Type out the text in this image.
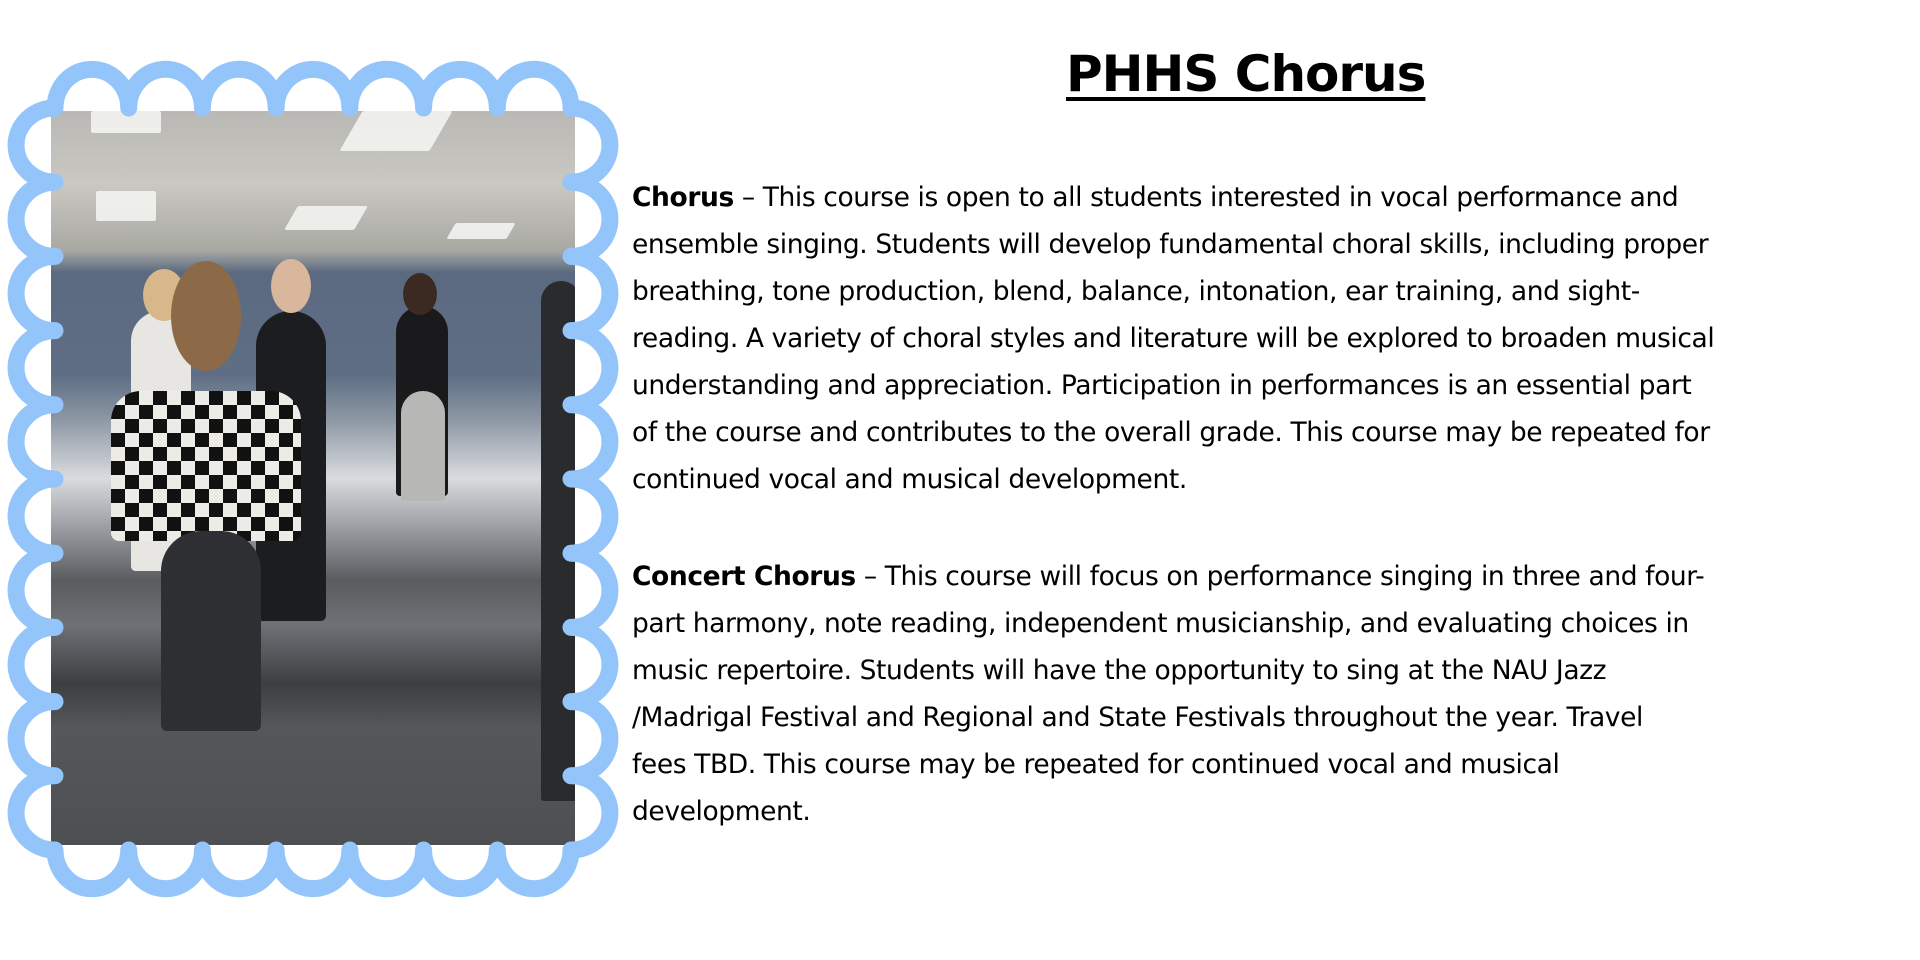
PHHS Chorus

Chorus – This course is open to all students interested in vocal performance and
ensemble singing. Students will develop fundamental choral skills, including proper
breathing, tone production, blend, balance, intonation, ear training, and sight-
reading. A variety of choral styles and literature will be explored to broaden musical
understanding and appreciation. Participation in performances is an essential part
of the course and contributes to the overall grade. This course may be repeated for
continued vocal and musical development.

Concert Chorus – This course will focus on performance singing in three and four-
part harmony, note reading, independent musicianship, and evaluating choices in
music repertoire. Students will have the opportunity to sing at the NAU Jazz
/Madrigal Festival and Regional and State Festivals throughout the year. Travel
fees TBD. This course may be repeated for continued vocal and musical
development.
